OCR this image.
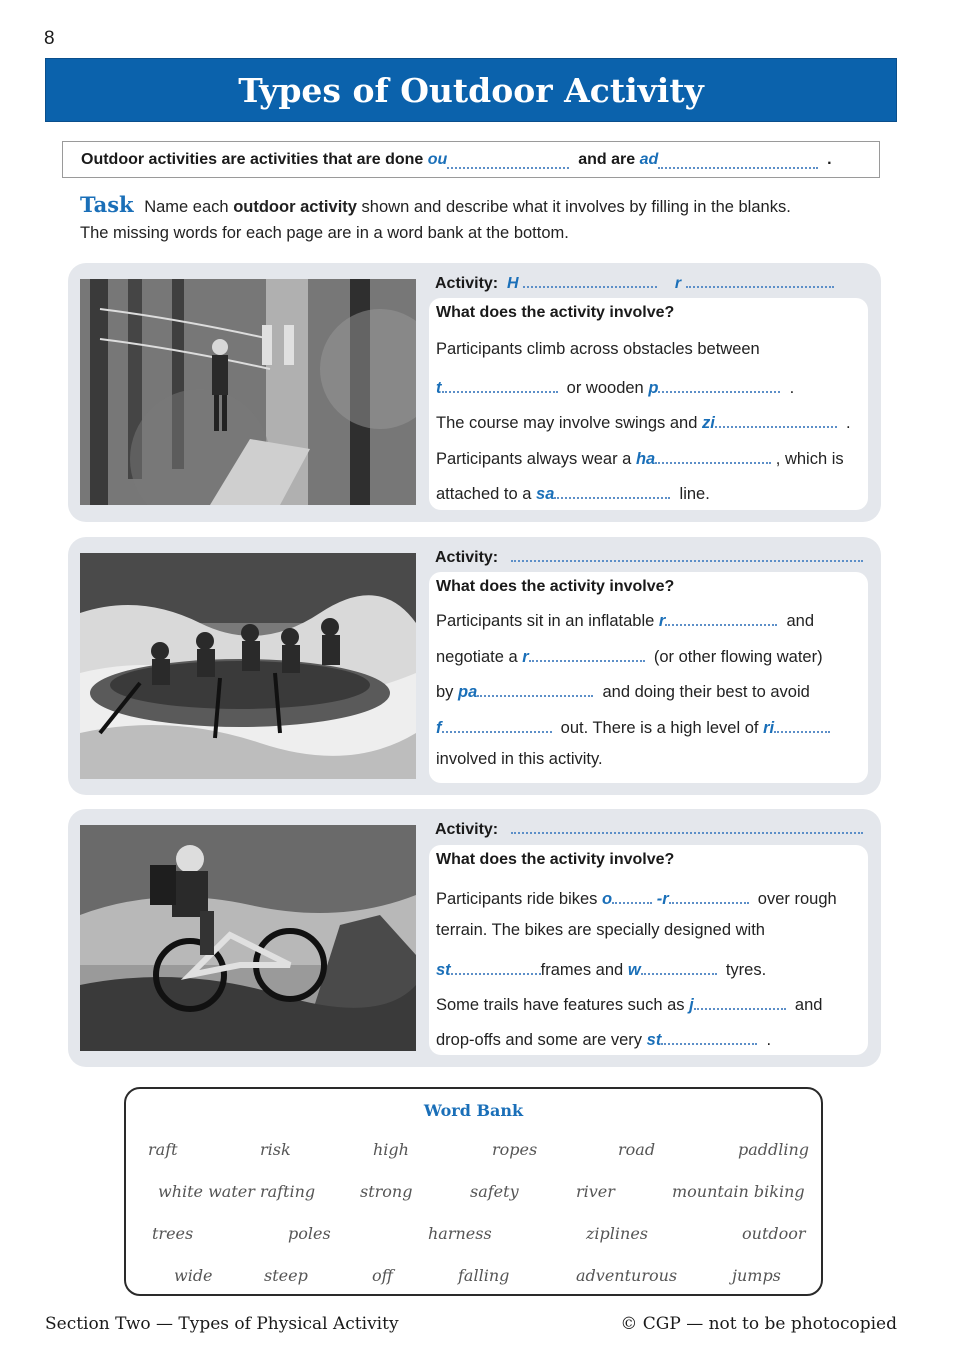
8
Types of Outdoor Activity
Outdoor activities are activities that are done
ou
	and are
ad
	.
Task Name each outdoor activity shown and describe what it involves by filling in the blanks.
The missing words for each page are in a word bank at the bottom.
Activity: H	r
What does the activity involve?
Participants climb across obstacles between
t	or wooden p	.
The course may involve swings and zi	.
Participants always wear a ha	, which is
attached to a sa	line.
Activity:
What does the activity involve?
Participants sit in an inflatable r	and
negotiate a r	(or other flowing water)
by pa	and doing their best to avoid
f	out. There is a high level of ri
involved in this activity.
Activity:
What does the activity involve?
Participants ride bikes o	-r	over rough
terrain. The bikes are specially designed with
st	frames and w	tyres.
Some trails have features such as j	and
drop-offs and some are very st	.
Word Bank
raft	risk	high	ropes	road	paddling
white water rafting	strong	safety	river	mountain biking
trees	poles	harness	ziplines	outdoor
wide	steep	off	falling	adventurous	jumps
Section Two — Types of Physical Activity	© CGP — not to be photocopied
